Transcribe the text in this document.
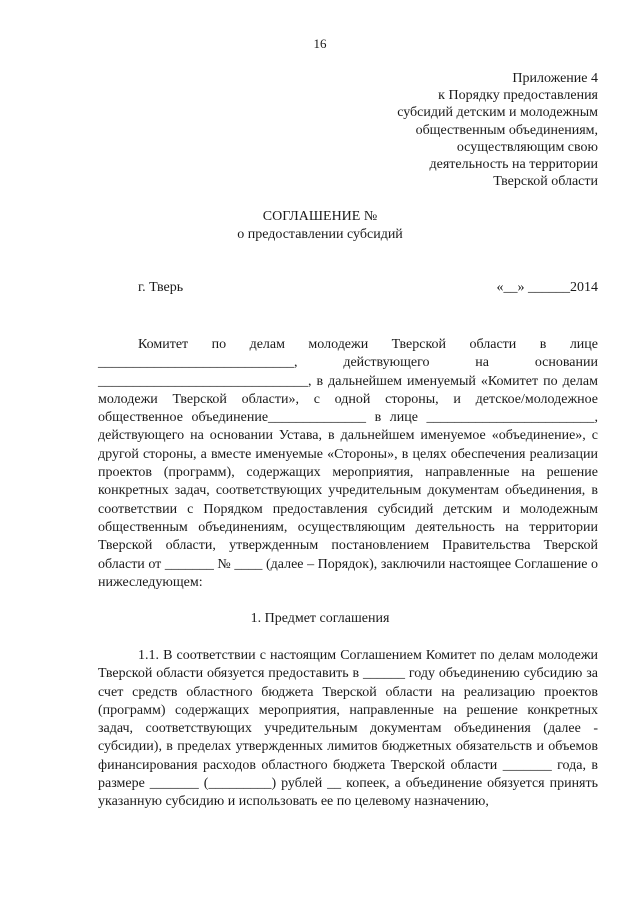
16
Приложение 4
к Порядку предоставления
субсидий детским и молодежным
общественным объединениям,
осуществляющим свою
деятельность на территории
Тверской области
СОГЛАШЕНИЕ №
о предоставлении субсидий
г. Тверь	«__» ______2014

Комитет по делам молодежи Тверской области в лице ____________________________, действующего на основании ______________________________, в дальнейшем именуемый «Комитет по делам молодежи Тверской области», с одной стороны, и детское/молодежное общественное объединение______________ в лице ________________________, действующего на основании Устава, в дальнейшем именуемое «объединение», с другой стороны, а вместе именуемые «Стороны», в целях обеспечения реализации проектов (программ), содержащих мероприятия, направленные на решение конкретных задач, соответствующих учредительным документам объединения, в соответствии с Порядком предоставления субсидий детским и молодежным общественным объединениям, осуществляющим деятельность на территории Тверской области, утвержденным постановлением Правительства Тверской области от _______ № ____ (далее – Порядок), заключили настоящее Соглашение о нижеследующем:

1. Предмет соглашения

1.1. В соответствии с настоящим Соглашением Комитет по делам молодежи Тверской области обязуется предоставить в ______ году объединению субсидию за счет средств областного бюджета Тверской области на реализацию проектов (программ) содержащих мероприятия, направленные на решение конкретных задач, соответствующих учредительным документам объединения (далее - субсидии), в пределах утвержденных лимитов бюджетных обязательств и объемов финансирования расходов областного бюджета Тверской области _______ года, в размере _______ (_________) рублей __ копеек, а объединение обязуется принять указанную субсидию и использовать ее по целевому назначению,
